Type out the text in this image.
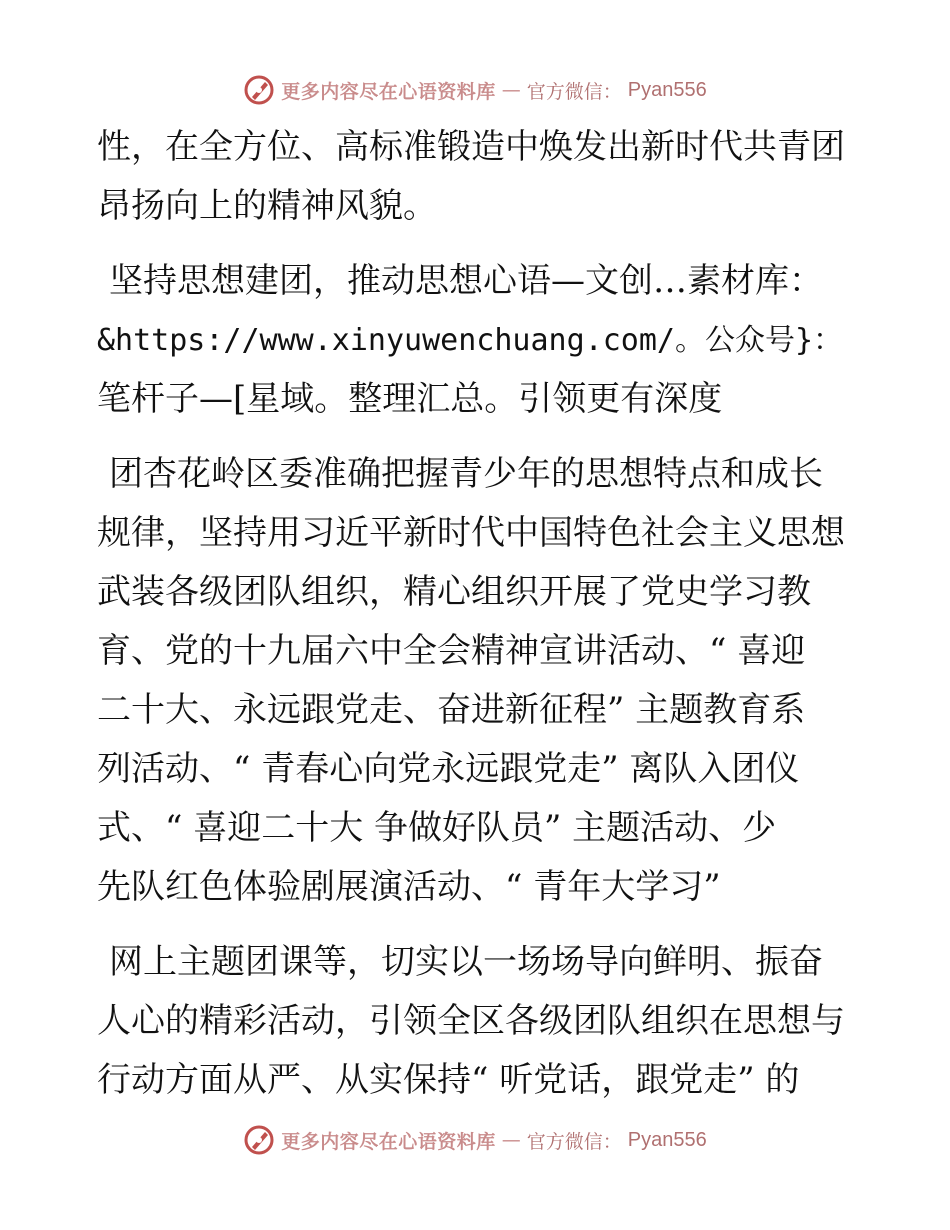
更多内容尽在心语资料库 — 官方微信： Pyan556
性，在全方位、高标准锻造中焕发出新时代共青团
昂扬向上的精神风貌。
坚持思想建团，推动思想心语—文创…素材库：
&https://www.xinyuwenchuang.com/。公众号}：
笔杆子—[星域。整理汇总。引领更有深度
团杏花岭区委准确把握青少年的思想特点和成长
规律，坚持用习近平新时代中国特色社会主义思想
武装各级团队组织，精心组织开展了党史学习教
育、党的十九届六中全会精神宣讲活动、“ 喜迎
二十大、永远跟党走、奋进新征程” 主题教育系
列活动、“ 青春心向党永远跟党走” 离队入团仪
式、“ 喜迎二十大 争做好队员” 主题活动、少
先队红色体验剧展演活动、“ 青年大学习”
网上主题团课等，切实以一场场导向鲜明、振奋
人心的精彩活动，引领全区各级团队组织在思想与
行动方面从严、从实保持“ 听党话，跟党走” 的
更多内容尽在心语资料库 — 官方微信： Pyan556
